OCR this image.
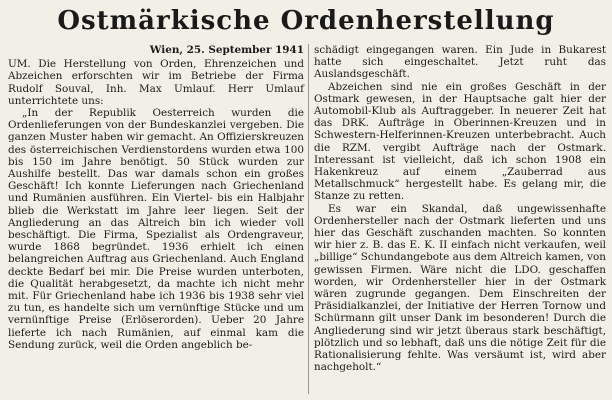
Ostmärkische Ordenherstellung
Wien, 25. September 1941

UM. Die Herstellung von Orden, Ehrenzeichen und Abzeichen erforschten wir im Betriebe der Firma Rudolf Souval, Inh. Max Umlauf. Herr Umlauf unterrichtete uns:

„In der Republik Oesterreich wurden die Ordenlieferungen von der Bundeskanzlei vergeben. Die ganzen Muster haben wir gemacht. An Offizierskreuzen des österreichischen Verdienstordens wurden etwa 100 bis 150 im Jahre benötigt. 50 Stück wurden zur Aushilfe bestellt. Das war damals schon ein großes Geschäft! Ich konnte Lieferungen nach Griechenland und Rumänien ausführen. Ein Viertel- bis ein Halbjahr blieb die Werkstatt im Jahre leer liegen. Seit der Angliederung an das Altreich bin ich wieder voll beschäftigt. Die Firma, Spezialist als Ordengraveur, wurde 1868 begründet. 1936 erhielt ich einen belangreichen Auftrag aus Griechenland. Auch England deckte Bedarf bei mir. Die Preise wurden unterboten, die Qualität herabgesetzt, da machte ich nicht mehr mit. Für Griechenland habe ich 1936 bis 1938 sehr viel zu tun, es handelte sich um vernünftige Stücke und um vernünftige Preise (Erlöserorden). Ueber 20 Jahre lieferte ich nach Rumänien, auf einmal kam die Sendung zurück, weil die Orden angeblich be-

schädigt eingegangen waren. Ein Jude in Bukarest hatte sich eingeschaltet. Jetzt ruht das Auslandsgeschäft.

Abzeichen sind nie ein großes Geschäft in der Ostmark gewesen, in der Hauptsache galt hier der Automobil-Klub als Auftraggeber. In neuerer Zeit hat das DRK. Aufträge in Oberinnen-Kreuzen und in Schwestern-Helferinnen-Kreuzen unterbebracht. Auch die RZM. vergibt Aufträge nach der Ostmark. Interessant ist vielleicht, daß ich schon 1908 ein Hakenkreuz auf einem „Zauberrad aus Metallschmuck“ hergestellt habe. Es gelang mir, die Stanze zu retten.

Es war ein Skandal, daß ungewissenhafte Ordenhersteller nach der Ostmark lieferten und uns hier das Geschäft zuschanden machten. So konnten wir hier z. B. das E. K. II einfach nicht verkaufen, weil „billige“ Schundangebote aus dem Altreich kamen, von gewissen Firmen. Wäre nicht die LDO. geschaffen worden, wir Ordenhersteller hier in der Ostmark wären zugrunde gegangen. Dem Einschreiten der Präsidialkanzlei, der Initiative der Herren Tornow und Schürmann gilt unser Dank im besonderen! Durch die Angliederung sind wir jetzt überaus stark beschäftigt, plötzlich und so lebhaft, daß uns die nötige Zeit für die Rationalisierung fehlte. Was versäumt ist, wird aber nachgeholt.“
